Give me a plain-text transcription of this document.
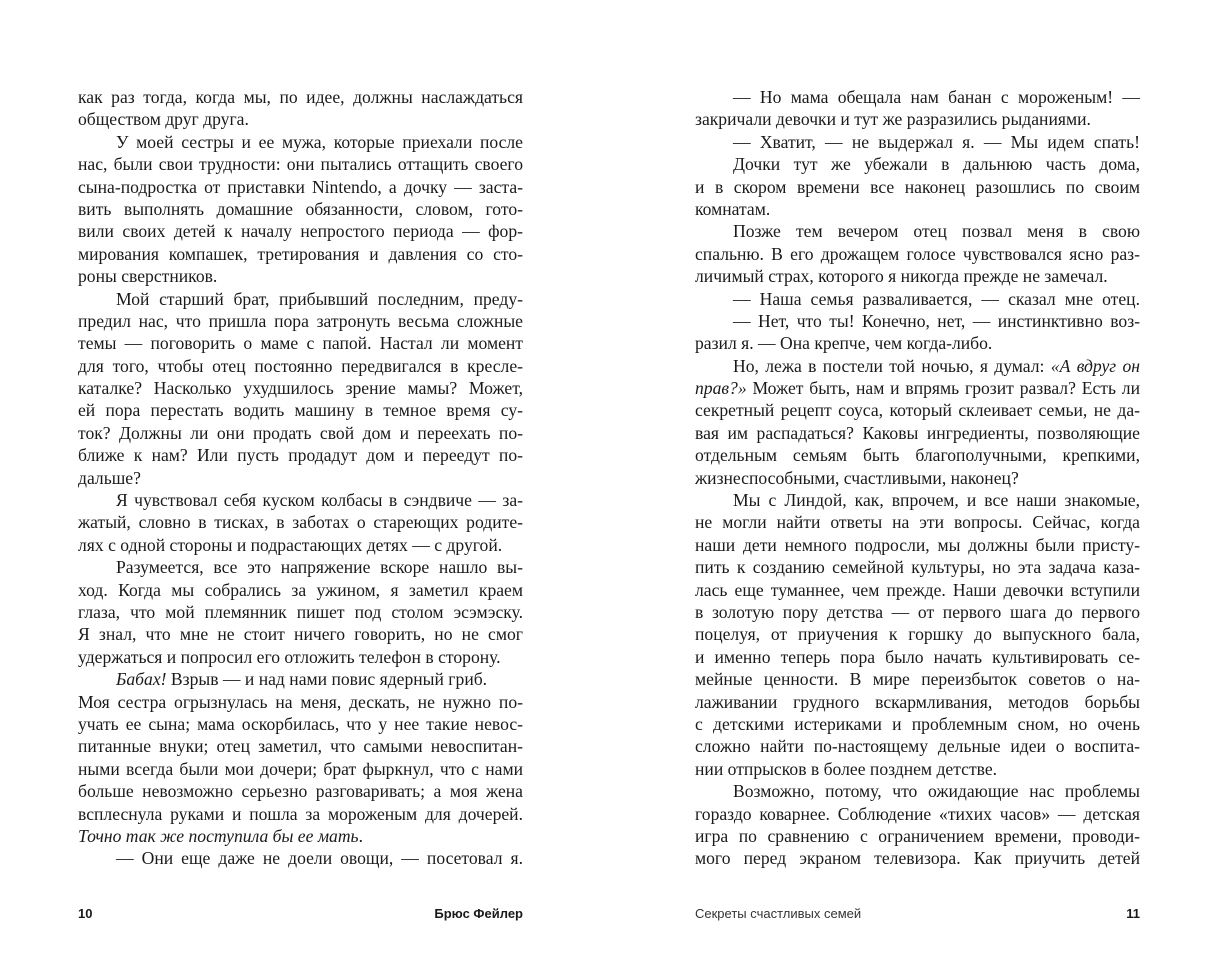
как раз тогда, когда мы, по идее, должны наслаждаться
обществом друг друга.
У моей сестры и ее мужа, которые приехали после
нас, были свои трудности: они пытались оттащить своего
сына-подростка от приставки Nintendo, а дочку — заста-
вить выполнять домашние обязанности, словом, гото-
вили своих детей к началу непростого периода — фор-
мирования компашек, третирования и давления со сто-
роны сверстников.
Мой старший брат, прибывший последним, преду-
предил нас, что пришла пора затронуть весьма сложные
темы — поговорить о маме с папой. Настал ли момент
для того, чтобы отец постоянно передвигался в кресле-
каталке? Насколько ухудшилось зрение мамы? Может,
ей пора перестать водить машину в темное время су-
ток? Должны ли они продать свой дом и переехать по-
ближе к нам? Или пусть продадут дом и переедут по-
дальше?
Я чувствовал себя куском колбасы в сэндвиче — за-
жатый, словно в тисках, в заботах о стареющих родите-
лях с одной стороны и подрастающих детях — с другой.
Разумеется, все это напряжение вскоре нашло вы-
ход. Когда мы собрались за ужином, я заметил краем
глаза, что мой племянник пишет под столом эсэмэску.
Я знал, что мне не стоит ничего говорить, но не смог
удержаться и попросил его отложить телефон в сторону.
Бабах! Взрыв — и над нами повис ядерный гриб.
Моя сестра огрызнулась на меня, дескать, не нужно по-
учать ее сына; мама оскорбилась, что у нее такие невос-
питанные внуки; отец заметил, что самыми невоспитан-
ными всегда были мои дочери; брат фыркнул, что с нами
больше невозможно серьезно разговаривать; а моя жена
всплеснула руками и пошла за мороженым для дочерей.
Точно так же поступила бы ее мать.
— Они еще даже не доели овощи, — посетовал я.
10	Брюс Фейлер
— Но мама обещала нам банан с мороженым! —
закричали девочки и тут же разразились рыданиями.
— Хватит, — не выдержал я. — Мы идем спать!
Дочки тут же убежали в дальнюю часть дома,
и в скором времени все наконец разошлись по своим
комнатам.
Позже тем вечером отец позвал меня в свою
спальню. В его дрожащем голосе чувствовался ясно раз-
личимый страх, которого я никогда прежде не замечал.
— Наша семья разваливается, — сказал мне отец.
— Нет, что ты! Конечно, нет, — инстинктивно воз-
разил я. — Она крепче, чем когда-либо.
Но, лежа в постели той ночью, я думал: «А вдруг он
прав?» Может быть, нам и впрямь грозит развал? Есть ли
секретный рецепт соуса, который склеивает семьи, не да-
вая им распадаться? Каковы ингредиенты, позволяющие
отдельным семьям быть благополучными, крепкими,
жизнеспособными, счастливыми, наконец?
Мы с Линдой, как, впрочем, и все наши знакомые,
не могли найти ответы на эти вопросы. Сейчас, когда
наши дети немного подросли, мы должны были присту-
пить к созданию семейной культуры, но эта задача каза-
лась еще туманнее, чем прежде. Наши девочки вступили
в золотую пору детства — от первого шага до первого
поцелуя, от приучения к горшку до выпускного бала,
и именно теперь пора было начать культивировать се-
мейные ценности. В мире переизбыток советов о на-
лаживании грудного вскармливания, методов борьбы
с детскими истериками и проблемным сном, но очень
сложно найти по-настоящему дельные идеи о воспита-
нии отпрысков в более позднем детстве.
Возможно, потому, что ожидающие нас проблемы
гораздо коварнее. Соблюдение «тихих часов» — детская
игра по сравнению с ограничением времени, проводи-
мого перед экраном телевизора. Как приучить детей
Секреты счастливых семей	11
